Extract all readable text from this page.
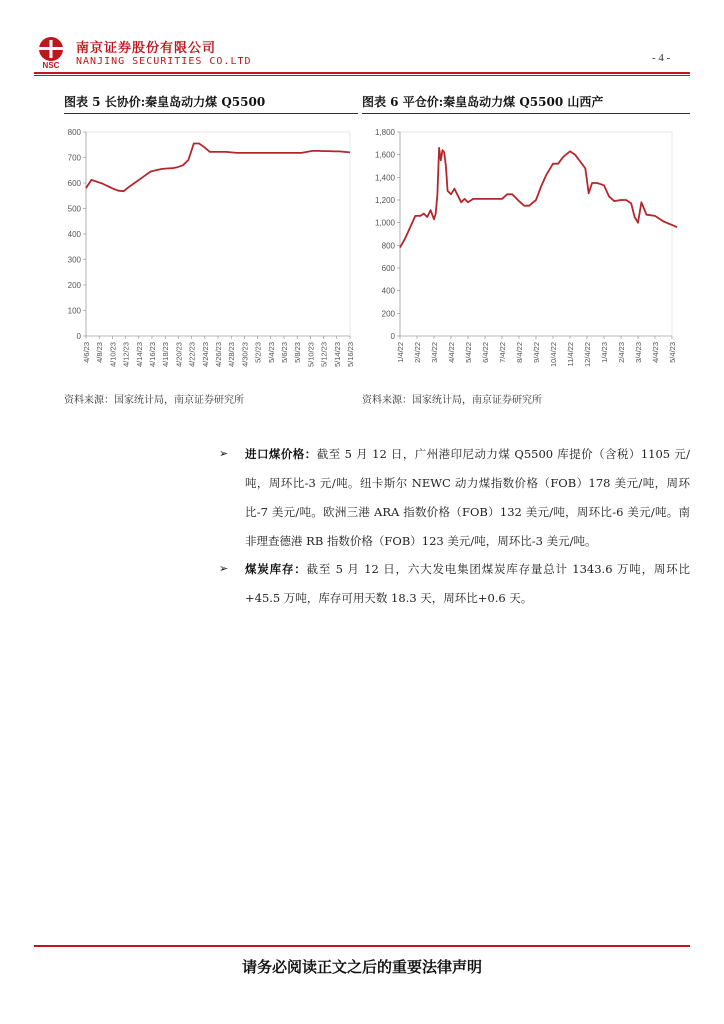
NSC
南京证券股份有限公司
NANJING SECURITIES CO.LTD	- 4 -
图表 5 长协价:秦皇岛动力煤 Q5500	图表 6 平仓价:秦皇岛动力煤 Q5500 山西产
0
100
200
300
400
500
600
700
800
4/6/23 4/8/23 4/10/23 4/12/23 4/14/23 4/16/23 4/18/23 4/20/23 4/22/23 4/24/23 4/26/23 4/28/23 4/30/23 5/2/23 5/4/23 5/6/23 5/8/23 5/10/23 5/12/23 5/14/23 5/16/23
0
200
400
600
800
1,000
1,200
1,400
1,600
1,800
1/4/22 2/4/22 3/4/22 4/4/22 5/4/22 6/4/22 7/4/22 8/4/22 9/4/22 10/4/22 11/4/22 12/4/22 1/4/23 2/4/23 3/4/23 4/4/23 5/4/23
资料来源：国家统计局，南京证券研究所	资料来源：国家统计局，南京证券研究所
➢ 进口煤价格：截至 5 月 12 日，广州港印尼动力煤 Q5500 库提价（含税）1105 元/吨，周环比-3 元/吨。纽卡斯尔 NEWC 动力煤指数价格（FOB）178 美元/吨，周环比-7 美元/吨。欧洲三港 ARA 指数价格（FOB）132 美元/吨，周环比-6 美元/吨。南非理查德港 RB 指数价格（FOB）123 美元/吨，周环比-3 美元/吨。
➢ 煤炭库存：截至 5 月 12 日，六大发电集团煤炭库存量总计 1343.6 万吨，周环比+45.5 万吨，库存可用天数 18.3 天，周环比+0.6 天。
请务必阅读正文之后的重要法律声明
